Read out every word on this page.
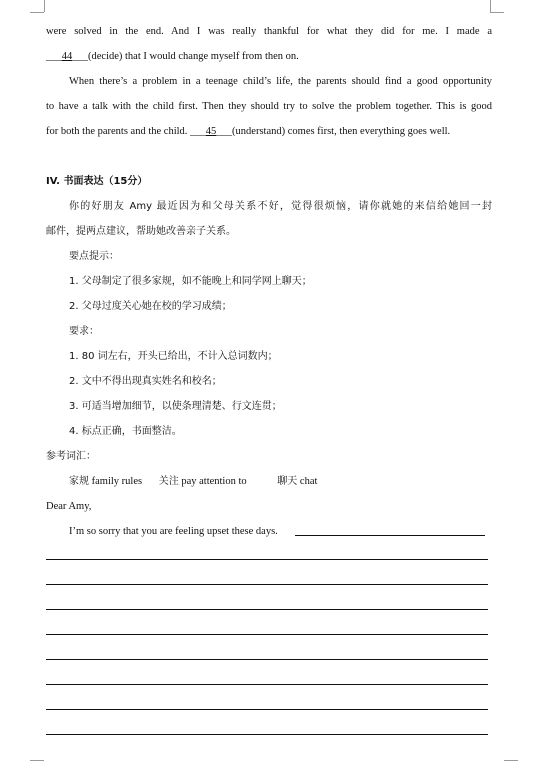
were solved in the end. And I was really thankful for what they did for me. I made a
___44___(decide) that I would change myself from then on.
When there’s a problem in a teenage child’s life, the parents should find a good opportunity
to have a talk with the child first. Then they should try to solve the problem together. This is good
for both the parents and the child. ___45___(understand) comes first, then everything goes well.
IV. 书面表达（15分）
你的好朋友 Amy 最近因为和父母关系不好，觉得很烦恼，请你就她的来信给她回一封
邮件，提两点建议，帮助她改善亲子关系。
要点提示：
1. 父母制定了很多家规，如不能晚上和同学网上聊天；
2. 父母过度关心她在校的学习成绩；
要求：
1. 80 词左右，开头已给出，不计入总词数内；
2. 文中不得出现真实姓名和校名；
3. 可适当增加细节，以使条理清楚、行文连贯；
4. 标点正确，书面整洁。
参考词汇：
家规 family rules 关注 pay attention to	聊天 chat
Dear Amy,
I’m so sorry that you are feeling upset these days.
